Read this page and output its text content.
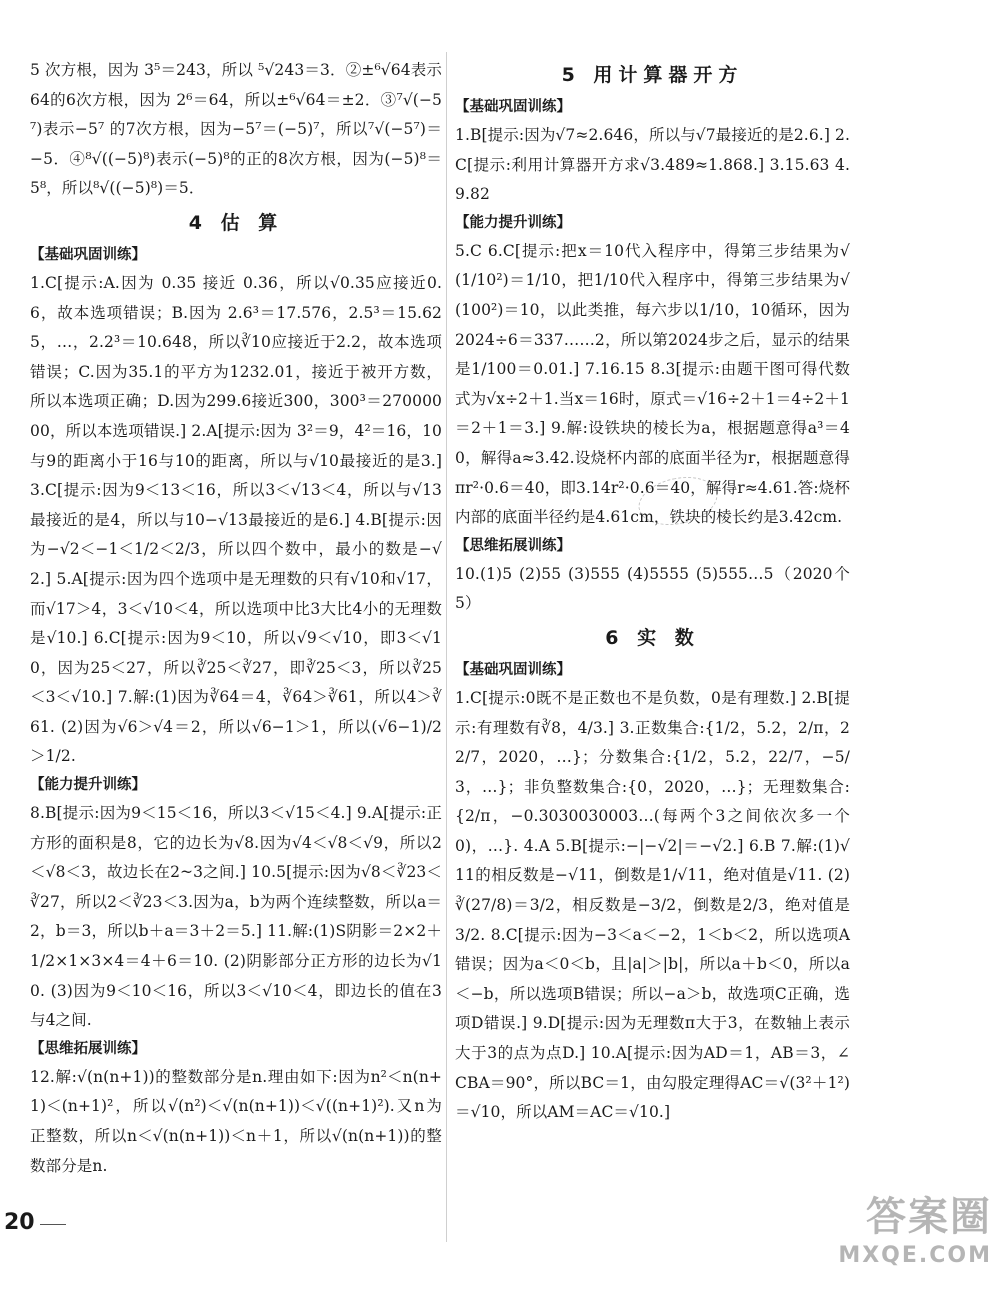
5 次方根，因为 3⁵＝243，所以 ⁵√243＝3．②±⁶√64表示64的6次方根，因为 2⁶＝64，所以±⁶√64＝±2．③⁷√(−5⁷)表示−5⁷ 的7次方根，因为−5⁷＝(−5)⁷，所以⁷√(−5⁷)＝−5．④⁸√((−5)⁸)表示(−5)⁸的正的8次方根，因为(−5)⁸＝5⁸，所以⁸√((−5)⁸)＝5．

4 估 算
【基础巩固训练】

1.C[提示:A.因为 0.35 接近 0.36，所以√0.35应接近0.6，故本选项错误；B.因为 2.6³＝17.576，2.5³＝15.625，…，2.2³＝10.648，所以∛10应接近于2.2，故本选项错误；C.因为35.1的平方为1232.01，接近于被开方数，所以本选项正确；D.因为299.6接近300，300³＝27000000，所以本选项错误.] 2.A[提示:因为 3²＝9，4²＝16，10与9的距离小于16与10的距离，所以与√10最接近的是3.] 3.C[提示:因为9＜13＜16，所以3＜√13＜4，所以与√13最接近的是4，所以与10−√13最接近的是6.] 4.B[提示:因为−√2＜−1＜1/2＜2/3，所以四个数中，最小的数是−√2.] 5.A[提示:因为四个选项中是无理数的只有√10和√17，而√17＞4，3＜√10＜4，所以选项中比3大比4小的无理数是√10.] 6.C[提示:因为9＜10，所以√9＜√10，即3＜√10，因为25＜27，所以∛25＜∛27，即∛25＜3，所以∛25＜3＜√10.] 7.解:(1)因为∛64＝4，∛64＞∛61，所以4＞∛61. (2)因为√6＞√4＝2，所以√6−1＞1，所以(√6−1)/2＞1/2.

【能力提升训练】

8.B[提示:因为9＜15＜16，所以3＜√15＜4.] 9.A[提示:正方形的面积是8，它的边长为√8.因为√4＜√8＜√9，所以2＜√8＜3，故边长在2~3之间.] 10.5[提示:因为√8＜∛23＜∛27，所以2＜∛23＜3.因为a，b为两个连续整数，所以a＝2，b＝3，所以b＋a＝3＋2＝5.] 11.解:(1)S阴影＝2×2＋1/2×1×3×4＝4＋6＝10. (2)阴影部分正方形的边长为√10. (3)因为9＜10＜16，所以3＜√10＜4，即边长的值在3与4之间.

【思维拓展训练】

12.解:√(n(n+1))的整数部分是n.理由如下:因为n²＜n(n+1)＜(n+1)²，所以√(n²)＜√(n(n+1))＜√((n+1)²).又n为正整数，所以n＜√(n(n+1))＜n＋1，所以√(n(n+1))的整数部分是n.

5 用计算器开方
【基础巩固训练】

1.B[提示:因为√7≈2.646，所以与√7最接近的是2.6.] 2.C[提示:利用计算器开方求√3.489≈1.868.] 3.15.63 4.9.82

【能力提升训练】

5.C 6.C[提示:把x＝10代入程序中，得第三步结果为√(1/10²)＝1/10，把1/10代入程序中，得第三步结果为√(100²)＝10，以此类推，每六步以1/10，10循环，因为2024÷6＝337……2，所以第2024步之后，显示的结果是1/100＝0.01.] 7.16.15 8.3[提示:由题干图可得代数式为√x÷2＋1.当x＝16时，原式＝√16÷2＋1＝4÷2＋1＝2＋1＝3.] 9.解:设铁块的棱长为a，根据题意得a³＝40，解得a≈3.42.设烧杯内部的底面半径为r，根据题意得πr²·0.6＝40，即3.14r²·0.6＝40，解得r≈4.61.答:烧杯内部的底面半径约是4.61cm，铁块的棱长约是3.42cm.

【思维拓展训练】

10.(1)5 (2)55 (3)555 (4)5555 (5)555…5（2020个5）

6 实 数
【基础巩固训练】

1.C[提示:0既不是正数也不是负数，0是有理数.] 2.B[提示:有理数有∛8，4/3.] 3.正数集合:{1/2，5.2，2/π，22/7，2020，…}；分数集合:{1/2，5.2，22/7，−5/3，…}；非负整数集合:{0，2020，…}；无理数集合:{2/π，−0.3030030003…(每两个3之间依次多一个0)，…}. 4.A 5.B[提示:−|−√2|＝−√2.] 6.B 7.解:(1)√11的相反数是−√11，倒数是1/√11，绝对值是√11. (2)∛(27/8)＝3/2，相反数是−3/2，倒数是2/3，绝对值是3/2. 8.C[提示:因为−3＜a＜−2，1＜b＜2，所以选项A错误；因为a＜0＜b，且|a|＞|b|，所以a＋b＜0，所以a＜−b，所以选项B错误；所以−a＞b，故选项C正确，选项D错误.] 9.D[提示:因为无理数π大于3，在数轴上表示大于3的点为点D.] 10.A[提示:因为AD＝1，AB＝3，∠CBA＝90°，所以BC＝1，由勾股定理得AC＝√(3²＋1²)＝√10，所以AM＝AC＝√10.]

20	答案圈
MXQE.COM
